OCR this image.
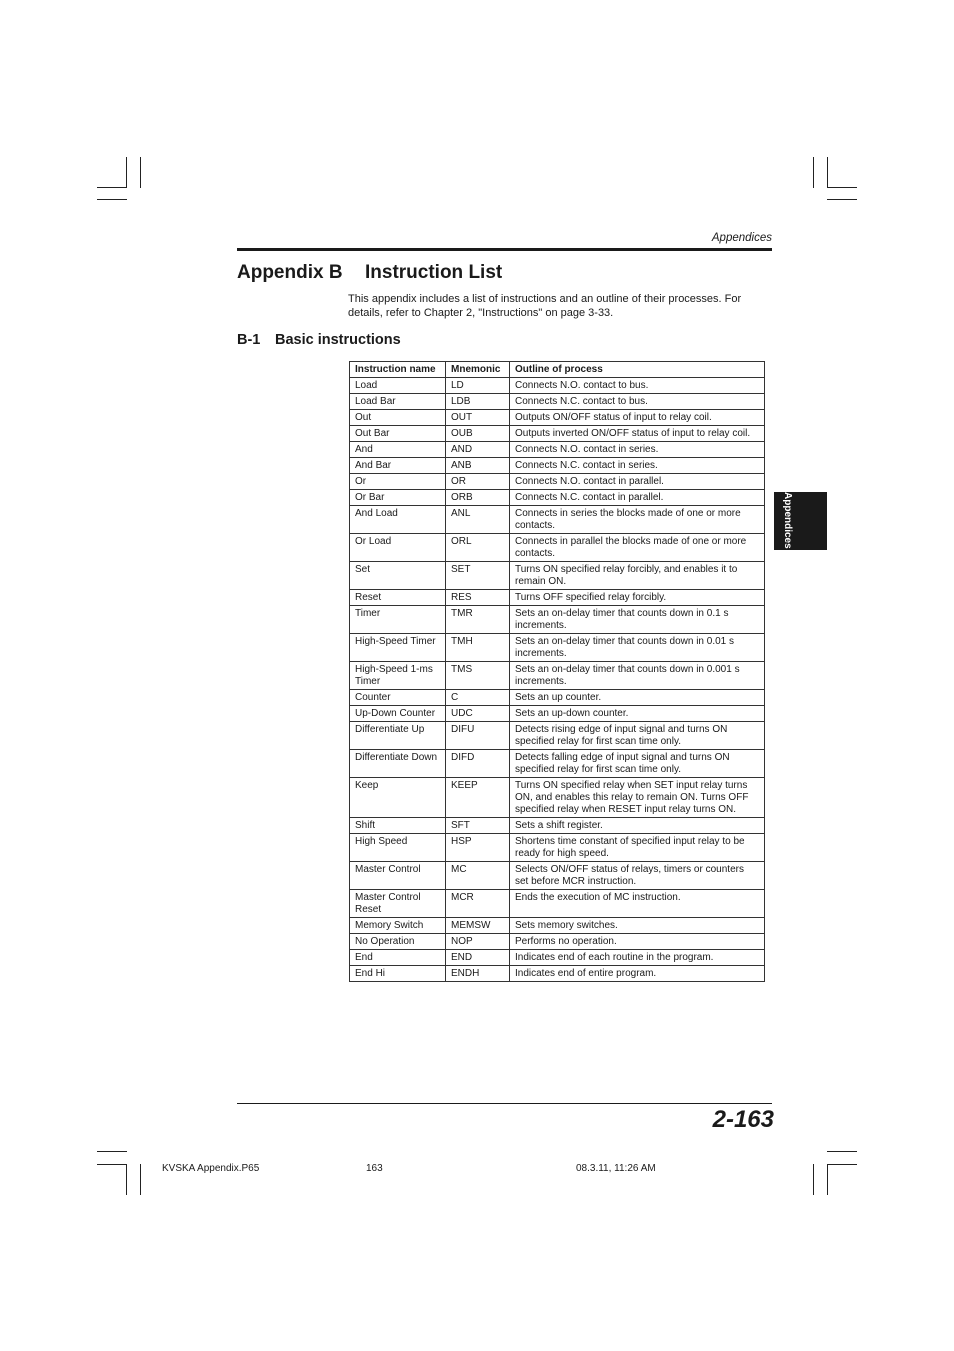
Appendices
Appendix B Instruction List

This appendix includes a list of instructions and an outline of their processes. For details, refer to Chapter 2, "Instructions" on page 3-33.

B-1 Basic instructions
Instruction name	Mnemonic	Outline of process
Load	LD	Connects N.O. contact to bus.
Load Bar	LDB	Connects N.C. contact to bus.
Out	OUT	Outputs ON/OFF status of input to relay coil.
Out Bar	OUB	Outputs inverted ON/OFF status of input to relay coil.
And	AND	Connects N.O. contact in series.
And Bar	ANB	Connects N.C. contact in series.
Or	OR	Connects N.O. contact in parallel.
Or Bar	ORB	Connects N.C. contact in parallel.
And Load	ANL	Connects in series the blocks made of one or more contacts.
Or Load	ORL	Connects in parallel the blocks made of one or more contacts.
Set	SET	Turns ON specified relay forcibly, and enables it to remain ON.
Reset	RES	Turns OFF specified relay forcibly.
Timer	TMR	Sets an on-delay timer that counts down in 0.1 s increments.
High-Speed Timer	TMH	Sets an on-delay timer that counts down in 0.01 s increments.
High-Speed 1-ms Timer	TMS	Sets an on-delay timer that counts down in 0.001 s increments.
Counter	C	Sets an up counter.
Up-Down Counter	UDC	Sets an up-down counter.
Differentiate Up	DIFU	Detects rising edge of input signal and turns ON specified relay for first scan time only.
Differentiate Down	DIFD	Detects falling edge of input signal and turns ON specified relay for first scan time only.
Keep	KEEP	Turns ON specified relay when SET input relay turns ON, and enables this relay to remain ON. Turns OFF specified relay when RESET input relay turns ON.
Shift	SFT	Sets a shift register.
High Speed	HSP	Shortens time constant of specified input relay to be ready for high speed.
Master Control	MC	Selects ON/OFF status of relays, timers or counters set before MCR instruction.
Master Control Reset	MCR	Ends the execution of MC instruction.
Memory Switch	MEMSW	Sets memory switches.
No Operation	NOP	Performs no operation.
End	END	Indicates end of each routine in the program.
End Hi	ENDH	Indicates end of entire program.
Appendices
2-163
KVSKA Appendix.P65	163	08.3.11, 11:26 AM
